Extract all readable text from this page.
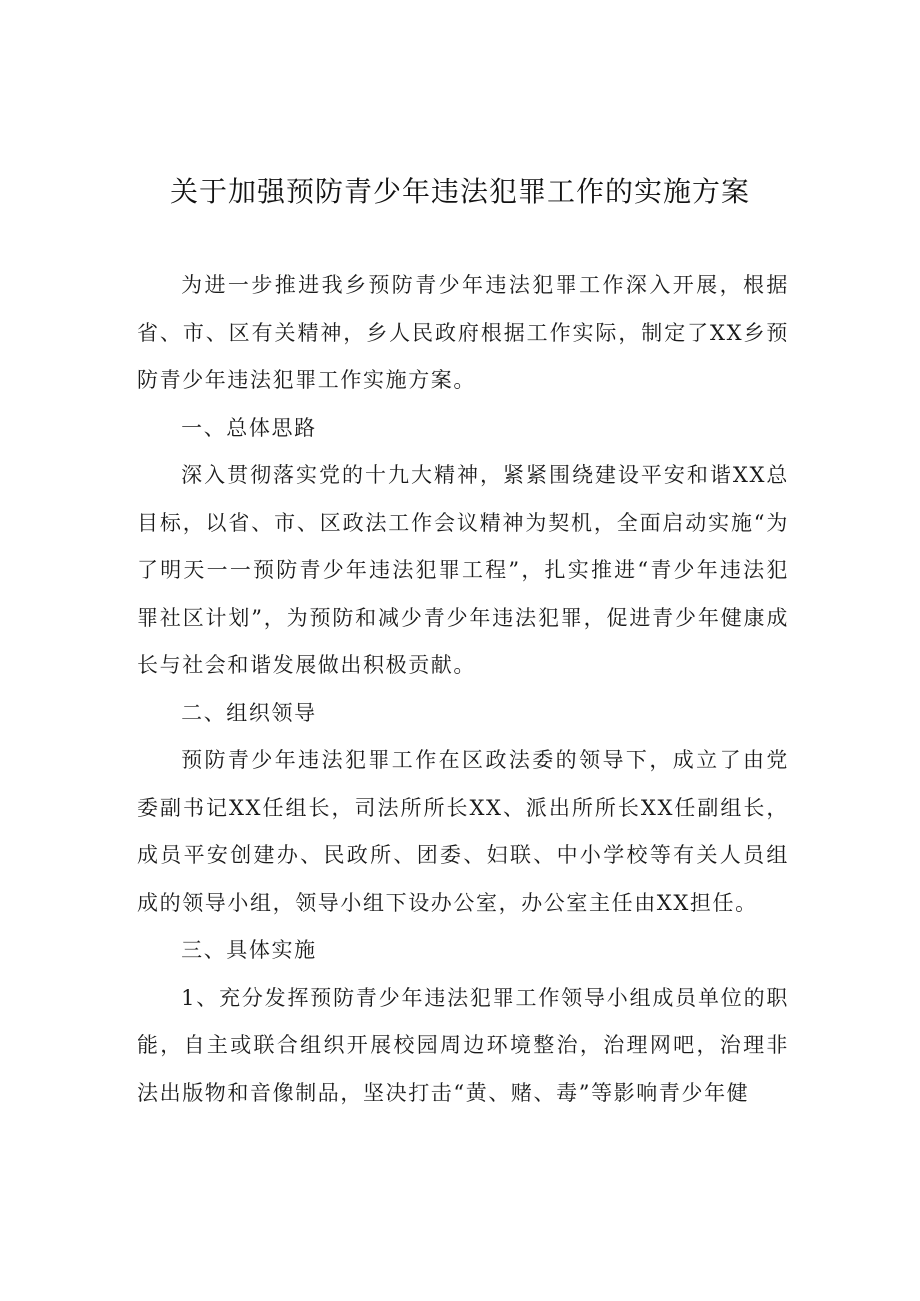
关于加强预防青少年违法犯罪工作的实施方案

为进一步推进我乡预防青少年违法犯罪工作深入开展，根据省、市、区有关精神，乡人民政府根据工作实际，制定了XX乡预防青少年违法犯罪工作实施方案。

一、总体思路

深入贯彻落实党的十九大精神，紧紧围绕建设平安和谐XX总目标，以省、市、区政法工作会议精神为契机，全面启动实施“为了明天一一预防青少年违法犯罪工程”，扎实推进“青少年违法犯罪社区计划”，为预防和减少青少年违法犯罪，促进青少年健康成长与社会和谐发展做出积极贡献。

二、组织领导

预防青少年违法犯罪工作在区政法委的领导下，成立了由党委副书记XX任组长，司法所所长XX、派出所所长XX任副组长，成员平安创建办、民政所、团委、妇联、中小学校等有关人员组成的领导小组，领导小组下设办公室，办公室主任由XX担任。

三、具体实施

1、充分发挥预防青少年违法犯罪工作领导小组成员单位的职能，自主或联合组织开展校园周边环境整治，治理网吧，治理非法出版物和音像制品，坚决打击“黄、赌、毒”等影响青少年健
